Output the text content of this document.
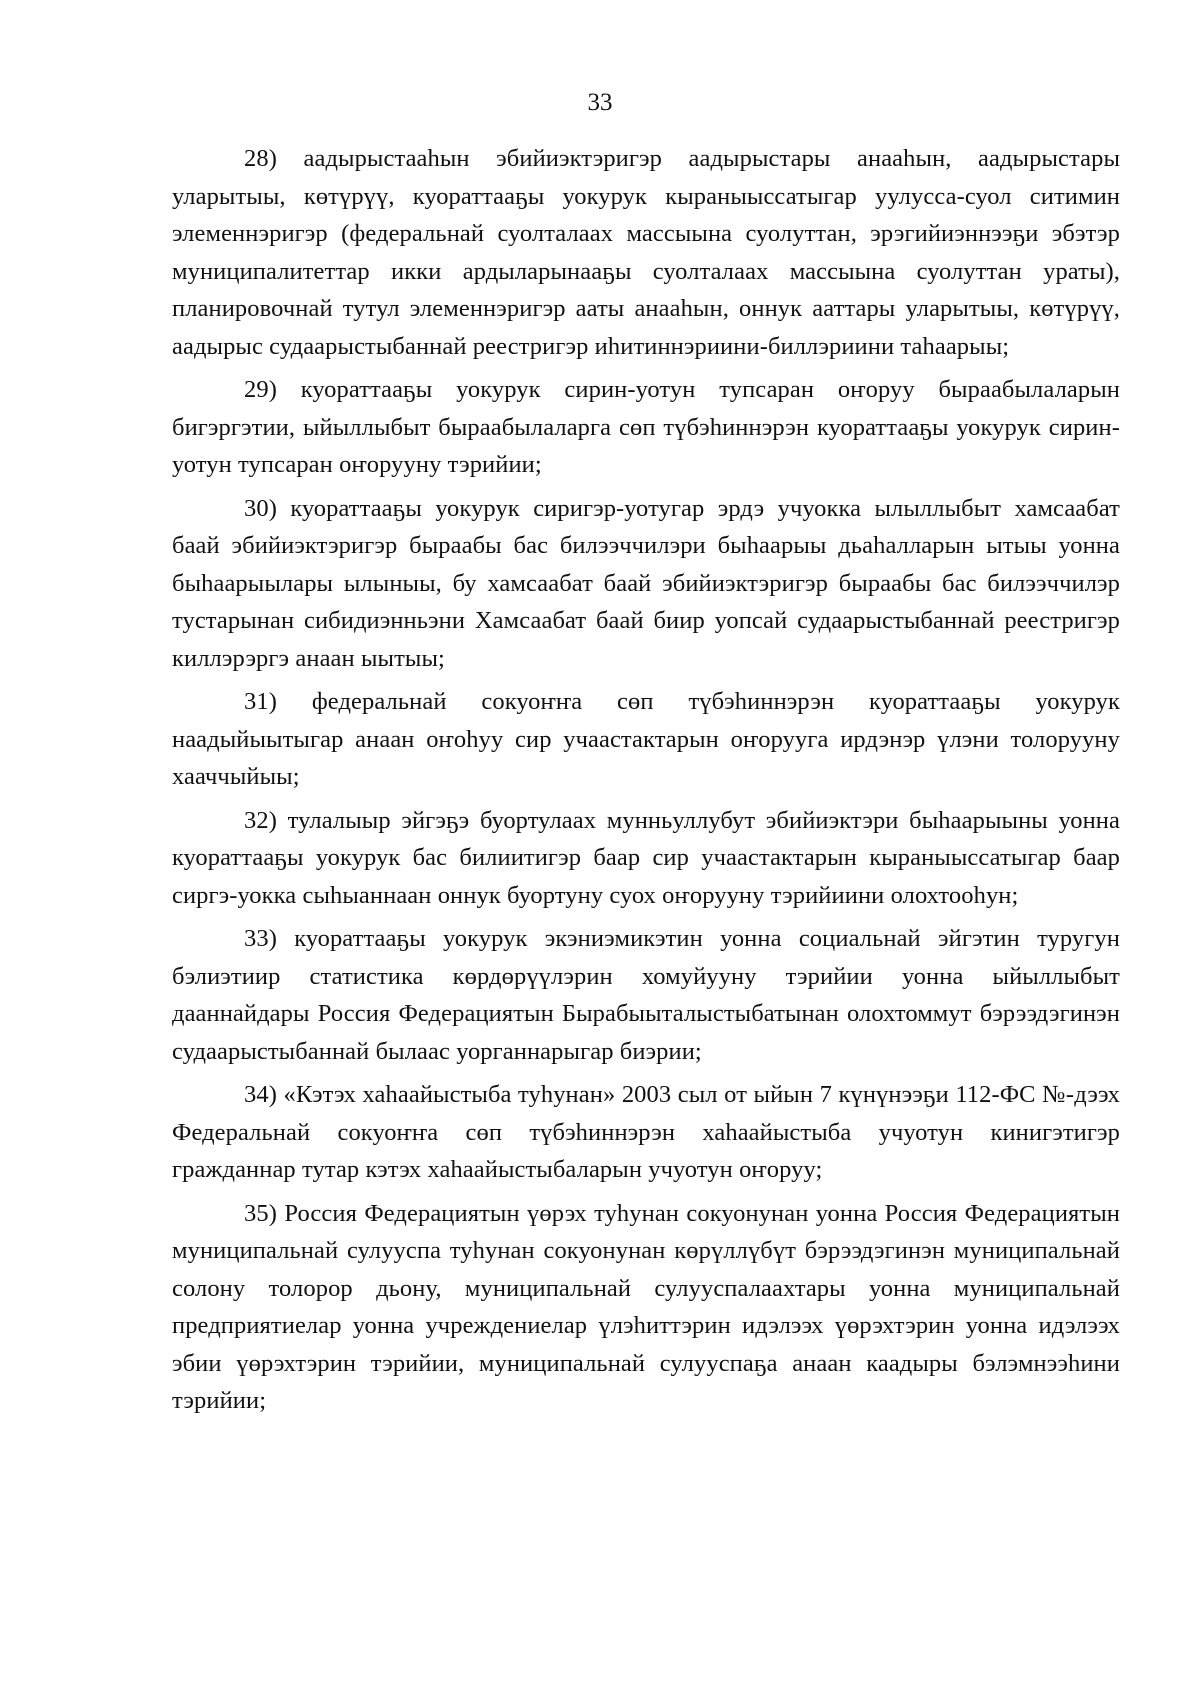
33

28) аадырыстааһын эбийиэктэригэр аадырыстары анааһын, аадырыстары уларытыы, көтүрүү, куораттааҕы уокурук кыраныыссатыгар уулусса-суол ситимин элеменнэригэр (федеральнай суолталаах массыына суолуттан, эрэгийиэннээҕи эбэтэр муниципалитеттар икки ардыларынааҕы суолталаах массыына суолуттан ураты), планировочнай тутул элеменнэригэр ааты анааһын, оннук ааттары уларытыы, көтүрүү, аадырыс судаарыстыбаннай реестригэр иһитиннэриини-биллэриини таһаарыы;

29) куораттааҕы уокурук сирин-уотун тупсаран оҥоруу быраабылаларын бигэргэтии, ыйыллыбыт быраабылаларга сөп түбэһиннэрэн куораттааҕы уокурук сирин-уотун тупсаран оҥорууну тэрийии;

30) куораттааҕы уокурук сиригэр-уотугар эрдэ учуокка ылыллыбыт хамсаабат баай эбийиэктэригэр быраабы бас билээччилэри быһаарыы дьаһалларын ытыы уонна быһаарыылары ылыныы, бу хамсаабат баай эбийиэктэригэр быраабы бас билээччилэр тустарынан сибидиэнньэни Хамсаабат баай биир уопсай судаарыстыбаннай реестригэр киллэрэргэ анаан ыытыы;

31) федеральнай сокуоҥҥа сөп түбэһиннэрэн куораттааҕы уокурук наадыйыытыгар анаан оҥоһуу сир учаастактарын оҥорууга ирдэнэр үлэни толорууну хааччыйыы;

32) тулалыыр эйгэҕэ буортулаах мунньуллубут эбийиэктэри быһаарыыны уонна куораттааҕы уокурук бас билиитигэр баар сир учаастактарын кыраныыссатыгар баар сиргэ-уокка сыһыаннаан оннук буортуну суох оҥорууну тэрийиини олохтооһун;

33) куораттааҕы уокурук экэниэмикэтин уонна социальнай эйгэтин туругун бэлиэтиир статистика көрдөрүүлэрин хомуйууну тэрийии уонна ыйыллыбыт дааннайдары Россия Федерациятын Бырабыыталыстыбатынан олохтоммут бэрээдэгинэн судаарыстыбаннай былаас уорганнарыгар биэрии;

34) «Кэтэх хаһаайыстыба туһунан» 2003 сыл от ыйын 7 күнүнээҕи 112-ФС №-дээх Федеральнай сокуоҥҥа сөп түбэһиннэрэн хаһаайыстыба учуотун кинигэтигэр гражданнар тутар кэтэх хаһаайыстыбаларын учуотун оҥоруу;

35) Россия Федерациятын үөрэх туһунан сокуонунан уонна Россия Федерациятын муниципальнай сулууспа туһунан сокуонунан көрүллүбүт бэрээдэгинэн муниципальнай солону толорор дьону, муниципальнай сулууспалаахтары уонна муниципальнай предприятиелар уонна учреждениелар үлэһиттэрин идэлээх үөрэхтэрин уонна идэлээх эбии үөрэхтэрин тэрийии, муниципальнай сулууспаҕа анаан каадыры бэлэмнээһини тэрийии;
